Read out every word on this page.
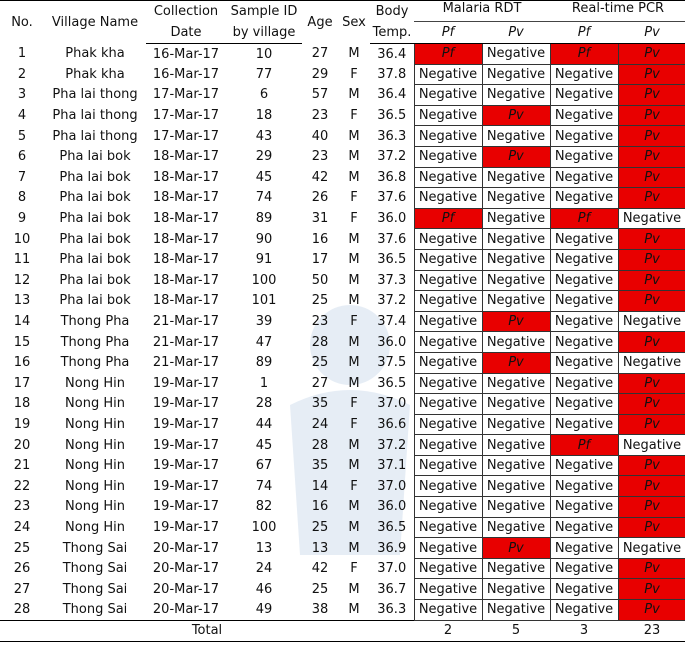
No.	Village Name	Collection	Sample ID	Age	Sex	Body	Malaria RDT		Real-time PCR	
		Date	by village			Temp.	Pf	Pv	Pf	Pv
1	Phak kha	16-Mar-17	10	27	M	36.4	Pf	Negative	Pf	Pv
2	Phak kha	16-Mar-17	77	29	F	37.8	Negative	Negative	Negative	Pv
3	Pha lai thong	17-Mar-17	6	57	M	36.4	Negative	Negative	Negative	Pv
4	Pha lai thong	17-Mar-17	18	23	F	36.5	Negative	Pv	Negative	Pv
5	Pha lai thong	17-Mar-17	43	40	M	36.3	Negative	Negative	Negative	Pv
6	Pha lai bok	18-Mar-17	29	23	M	37.2	Negative	Pv	Negative	Pv
7	Pha lai bok	18-Mar-17	45	42	M	36.8	Negative	Negative	Negative	Pv
8	Pha lai bok	18-Mar-17	74	26	F	37.6	Negative	Negative	Negative	Pv
9	Pha lai bok	18-Mar-17	89	31	F	36.0	Pf	Negative	Pf	Negative
10	Pha lai bok	18-Mar-17	90	16	M	37.6	Negative	Negative	Negative	Pv
11	Pha lai bok	18-Mar-17	91	17	M	36.5	Negative	Negative	Negative	Pv
12	Pha lai bok	18-Mar-17	100	50	M	37.3	Negative	Negative	Negative	Pv
13	Pha lai bok	18-Mar-17	101	25	M	37.2	Negative	Negative	Negative	Pv
14	Thong Pha	21-Mar-17	39	23	F	37.4	Negative	Pv	Negative	Negative
15	Thong Pha	21-Mar-17	47	28	M	36.0	Negative	Negative	Negative	Pv
16	Thong Pha	21-Mar-17	89	25	M	37.5	Negative	Pv	Negative	Negative
17	Nong Hin	19-Mar-17	1	27	M	36.5	Negative	Negative	Negative	Pv
18	Nong Hin	19-Mar-17	28	35	F	37.0	Negative	Negative	Negative	Pv
19	Nong Hin	19-Mar-17	44	24	F	36.6	Negative	Negative	Negative	Pv
20	Nong Hin	19-Mar-17	45	28	M	37.2	Negative	Negative	Pf	Negative
21	Nong Hin	19-Mar-17	67	35	M	37.1	Negative	Negative	Negative	Pv
22	Nong Hin	19-Mar-17	74	14	F	37.0	Negative	Negative	Negative	Pv
23	Nong Hin	19-Mar-17	82	16	M	36.0	Negative	Negative	Negative	Pv
24	Nong Hin	19-Mar-17	100	25	M	36.5	Negative	Negative	Negative	Pv
25	Thong Sai	20-Mar-17	13	13	M	36.9	Negative	Pv	Negative	Negative
26	Thong Sai	20-Mar-17	24	42	F	37.0	Negative	Negative	Negative	Pv
27	Thong Sai	20-Mar-17	46	25	M	36.7	Negative	Negative	Negative	Pv
28	Thong Sai	20-Mar-17	49	38	M	36.3	Negative	Negative	Negative	Pv
Total							2	5	3	23
